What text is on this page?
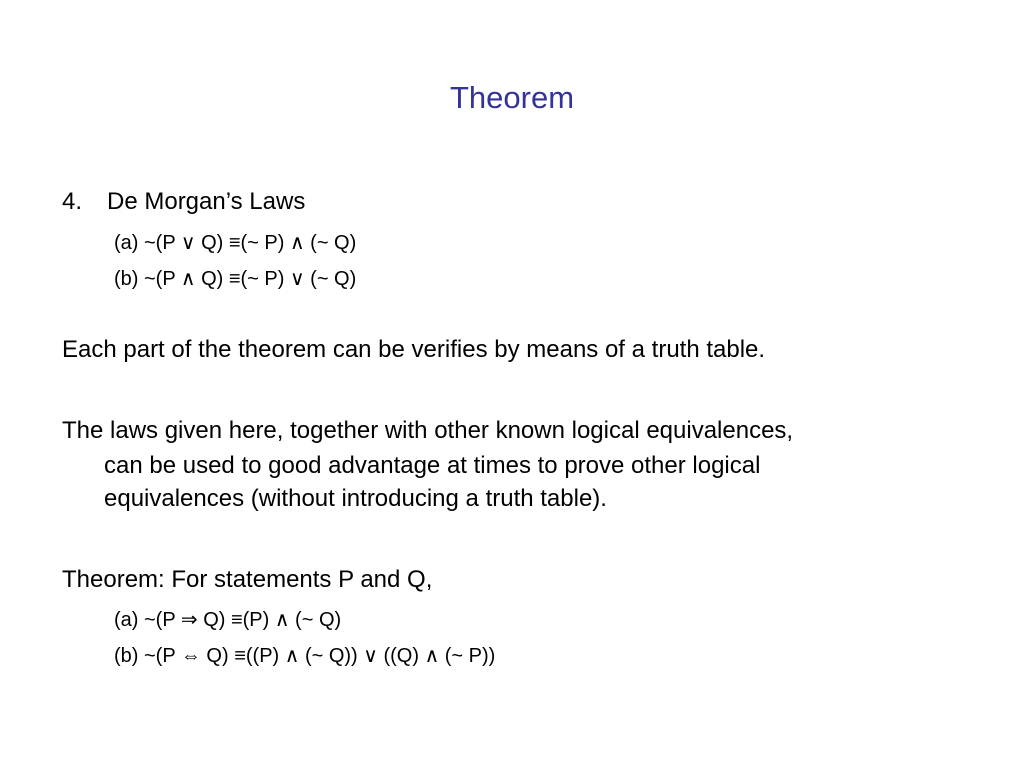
Theorem
4. De Morgan’s Laws
(a) ~(P ∨ Q) ≡(~ P) ∧ (~ Q)
(b) ~(P ∧ Q) ≡(~ P) ∨ (~ Q)
Each part of the theorem can be verifies by means of a truth table.
The laws given here, together with other known logical equivalences,
can be used to good advantage at times to prove other logical
equivalences (without introducing a truth table).
Theorem: For statements P and Q,
(a) ~(P ⇒ Q) ≡(P) ∧ (~ Q)
(b) ~(P ⇔ Q) ≡((P) ∧ (~ Q)) ∨ ((Q) ∧ (~ P))
